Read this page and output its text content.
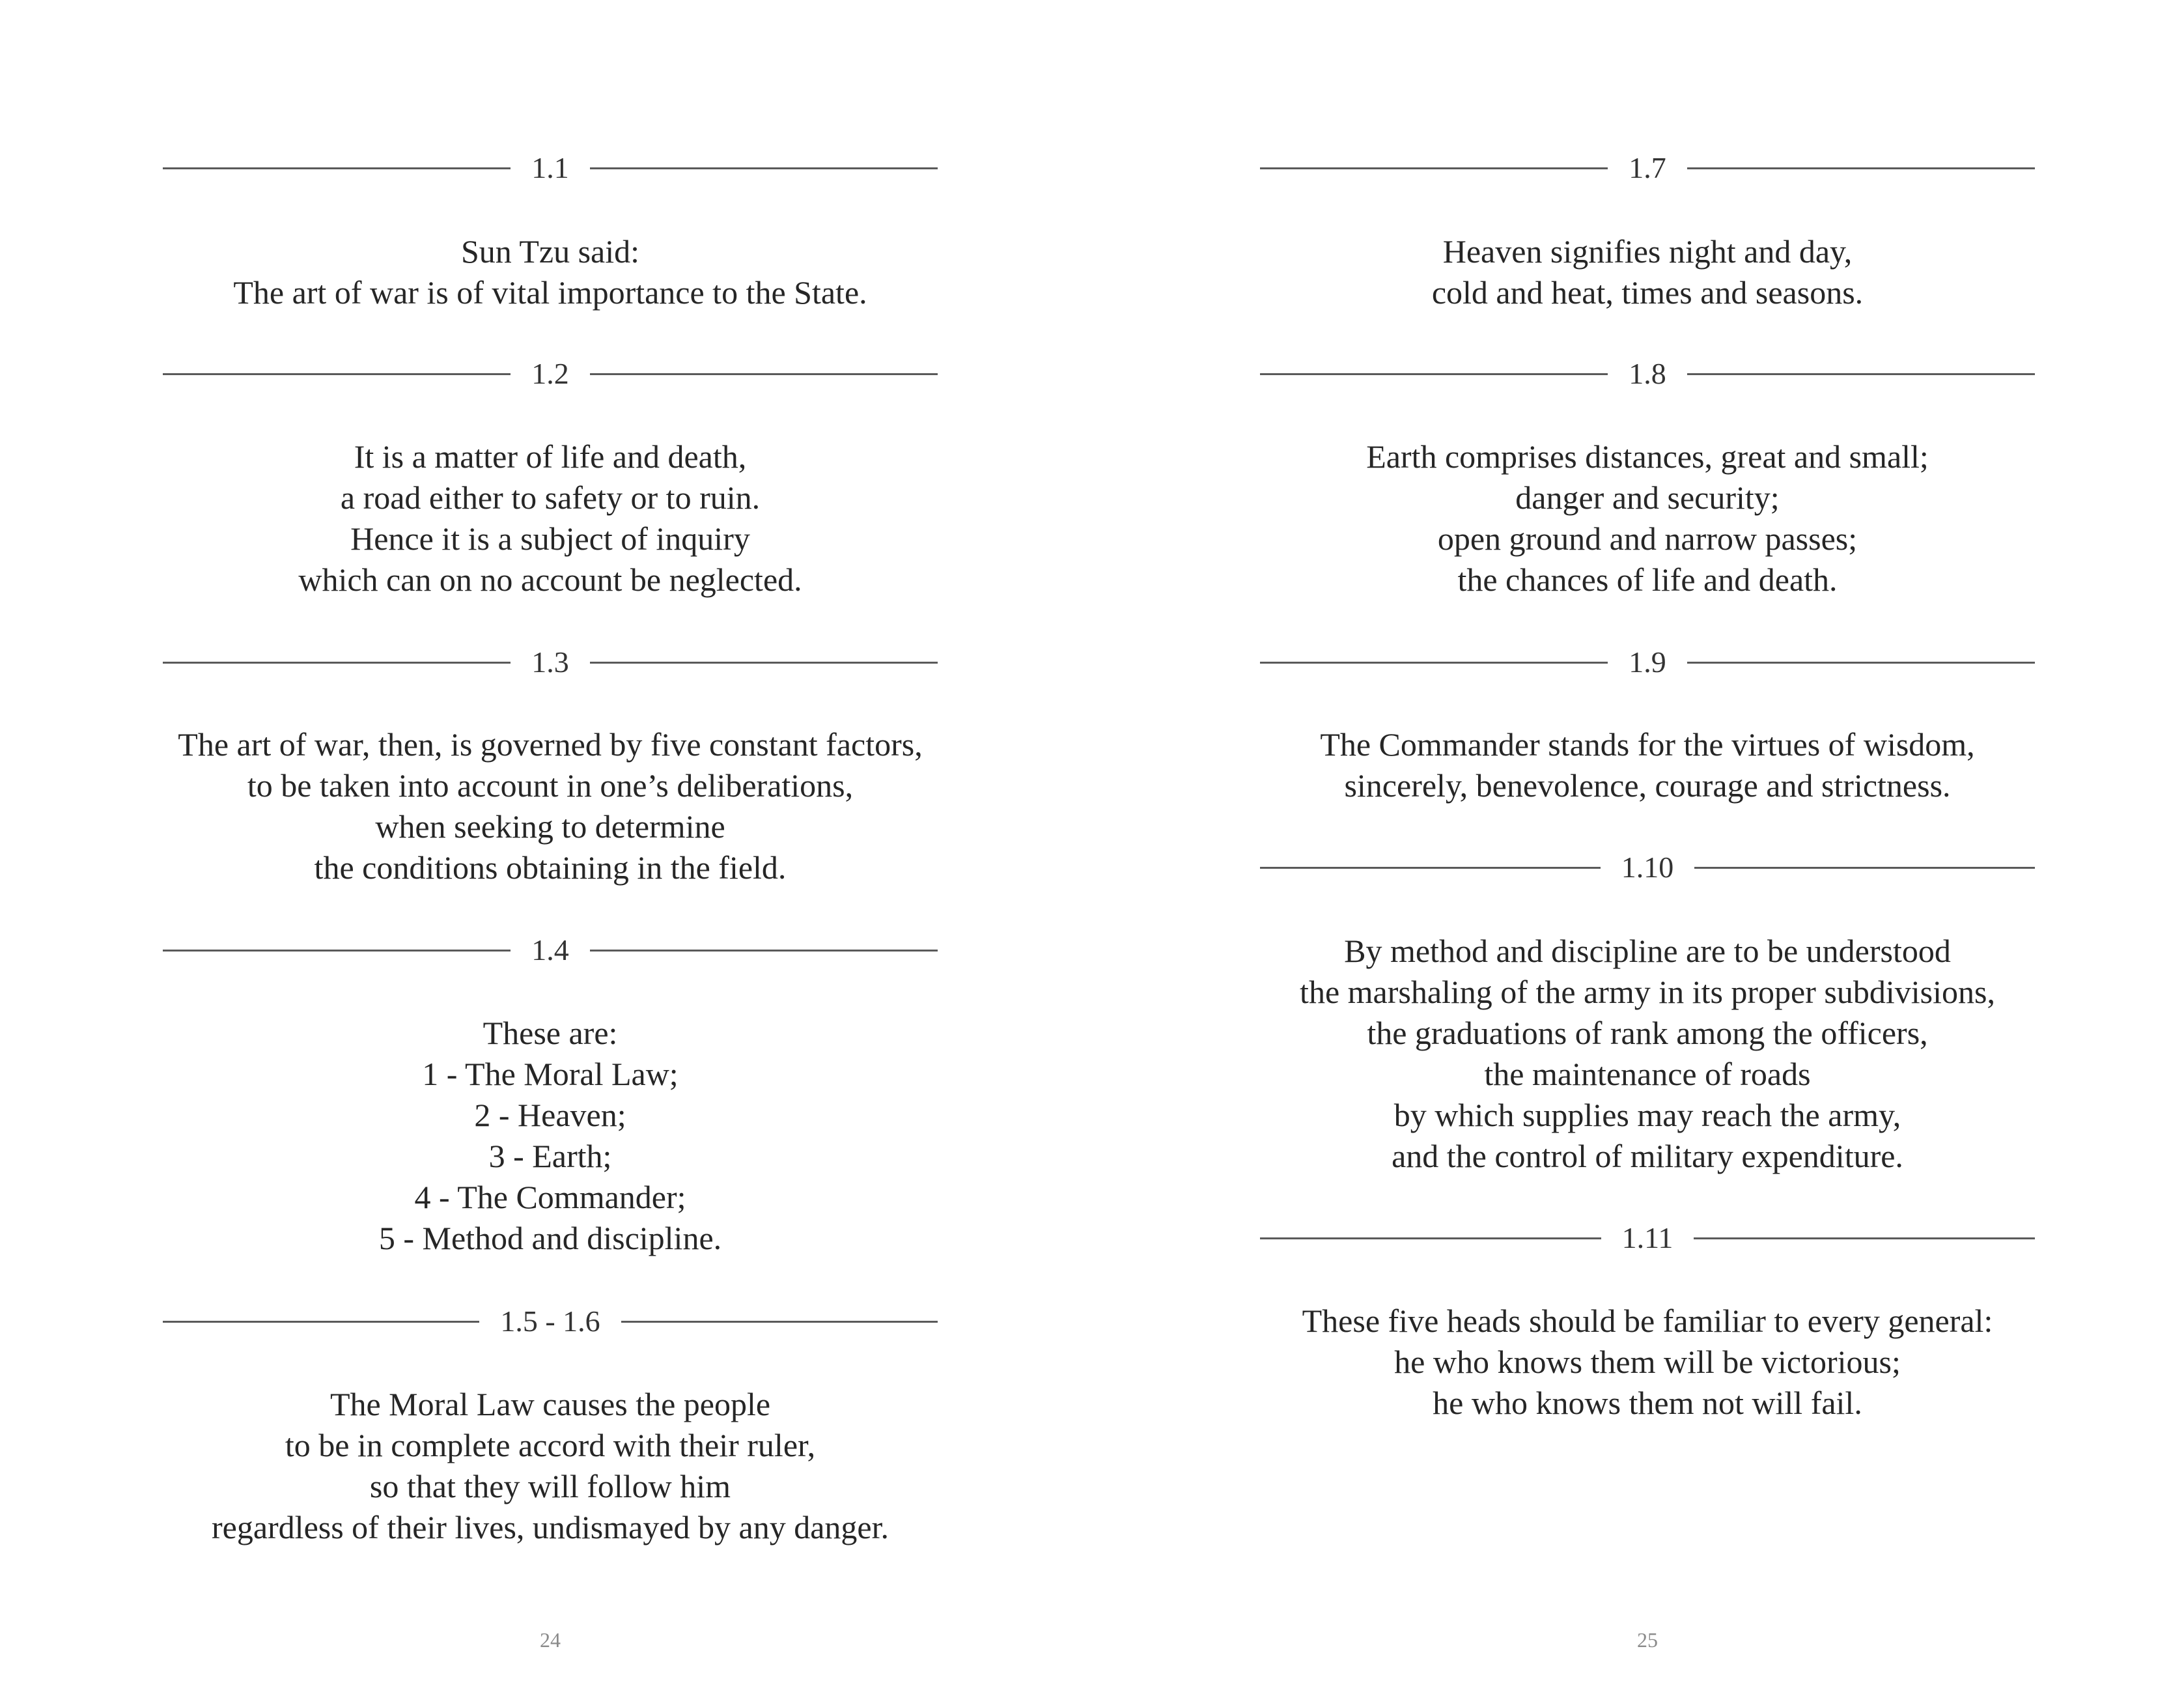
1.1
Sun Tzu said:
The art of war is of vital importance to the State.
1.2
It is a matter of life and death,
a road either to safety or to ruin.
Hence it is a subject of inquiry
which can on no account be neglected.
1.3
The art of war, then, is governed by five constant factors,
to be taken into account in one’s deliberations,
when seeking to determine
the conditions obtaining in the field.
1.4
These are:
1 - The Moral Law;
2 - Heaven;
3 - Earth;
4 - The Commander;
5 - Method and discipline.
1.5 - 1.6
The Moral Law causes the people
to be in complete accord with their ruler,
so that they will follow him
regardless of their lives, undismayed by any danger.
24
1.7
Heaven signifies night and day,
cold and heat, times and seasons.
1.8
Earth comprises distances, great and small;
danger and security;
open ground and narrow passes;
the chances of life and death.
1.9
The Commander stands for the virtues of wisdom,
sincerely, benevolence, courage and strictness.
1.10
By method and discipline are to be understood
the marshaling of the army in its proper subdivisions,
the graduations of rank among the officers,
the maintenance of roads
by which supplies may reach the army,
and the control of military expenditure.
1.11
These five heads should be familiar to every general:
he who knows them will be victorious;
he who knows them not will fail.
25
